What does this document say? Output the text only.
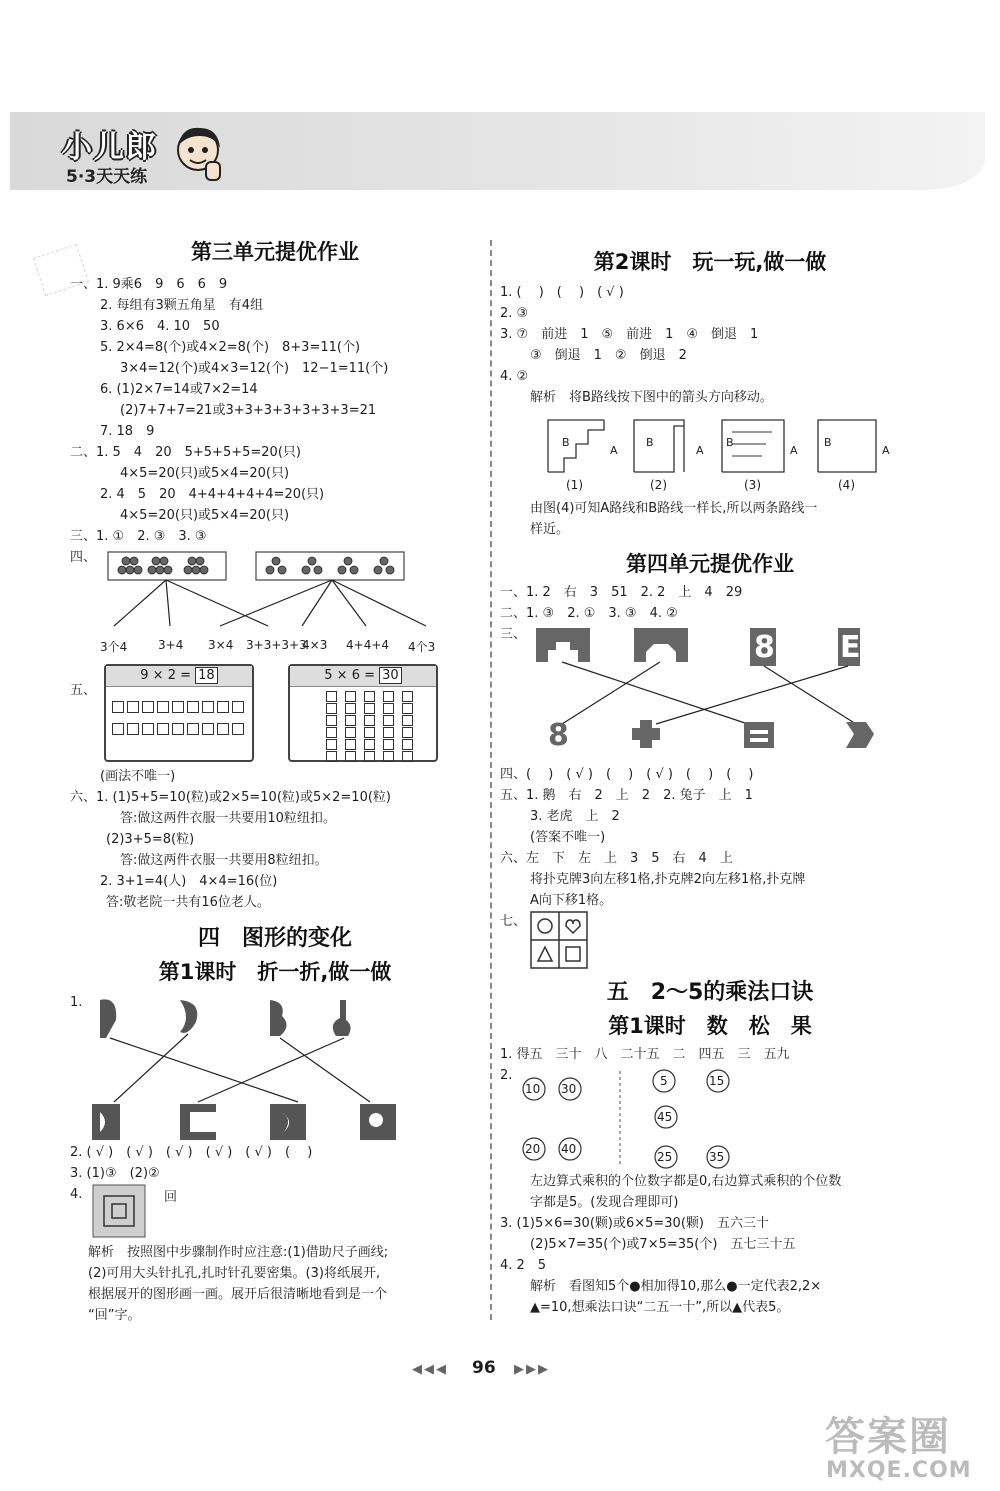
小儿郎
5·3天天练
第三单元提优作业
一、1. 9乘6　9　6　6　9
2. 每组有3颗五角星　有4组
3. 6×6　4. 10　50
5. 2×4=8(个)或4×2=8(个)　8+3=11(个)
3×4=12(个)或4×3=12(个)　12−1=11(个)
6. (1)2×7=14或7×2=14
(2)7+7+7=21或3+3+3+3+3+3+3=21
7. 18　9
二、1. 5　4　20　5+5+5+5=20(只)
4×5=20(只)或5×4=20(只)
2. 4　5　20　4+4+4+4+4=20(只)
4×5=20(只)或5×4=20(只)
三、1. ①　2. ③　3. ③
四、
3个4	3+4 3×4 3+3+3+3
4×3 4+4+4 4个3
五、
9 × 2 = 18	5 × 6 = 30
(画法不唯一)
六、1. (1)5+5=10(粒)或2×5=10(粒)或5×2=10(粒)
答:做这两件衣服一共要用10粒纽扣。
(2)3+5=8(粒)
答:做这两件衣服一共要用8粒纽扣。
2. 3+1=4(人)　4×4=16(位)
答:敬老院一共有16位老人。
四　图形的变化
第1课时　折一折,做一做
1.
2. ( √ )　( √ )　( √ )　( √ )　( √ )　(　 )
3. (1)③　(2)②
4.	回
解析　按照图中步骤制作时应注意:(1)借助尺子画线;
(2)可用大头针扎孔,扎时针孔要密集。(3)将纸展开,
根据展开的图形画一画。展开后很清晰地看到是一个
“回”字。
第2课时　玩一玩,做一做
1. (　 )　(　 )　( √ )
2. ③
3. ⑦　前进　1　⑤　前进　1　④　倒退　1
③　倒退　1　②　倒退　2
4. ②
解析　将B路线按下图中的箭头方向移动。
B
A
B
A
B
A
B
A
(1)	(2)	(3)	(4)
由图(4)可知A路线和B路线一样长,所以两条路线一
样近。
第四单元提优作业
一、1. 2　右　3　51　2. 2　上　4　29
二、1. ③　2. ①　3. ③　4. ②
三、	8 E
8
四、(　 )　( √ )　(　 )　( √ )　(　 )　(　 )
五、1. 鹅　右　2　上　2　2. 兔子　上　1
3. 老虎　上　2
(答案不唯一)
六、左　下　左　上　3　5　右　4　上
将扑克牌3向左移1格,扑克牌2向左移1格,扑克牌
A向下移1格。
七、
五　2～5的乘法口诀
第1课时　数　松　果
1. 得五　三十　八　二十五　二　四五　三　五九
2.
10 30
20 40
5	15
45
25	35
左边算式乘积的个位数字都是0,右边算式乘积的个位数
字都是5。(发现合理即可)
3. (1)5×6=30(颗)或6×5=30(颗)　五六三十
(2)5×7=35(个)或7×5=35(个)　五七三十五
4. 2　5
解析　看图知5个●相加得10,那么●一定代表2,2×
▲=10,想乘法口诀“二五一十”,所以▲代表5。
◀◀◀ 96 ▶▶▶
答案圈
MXQE.COM
